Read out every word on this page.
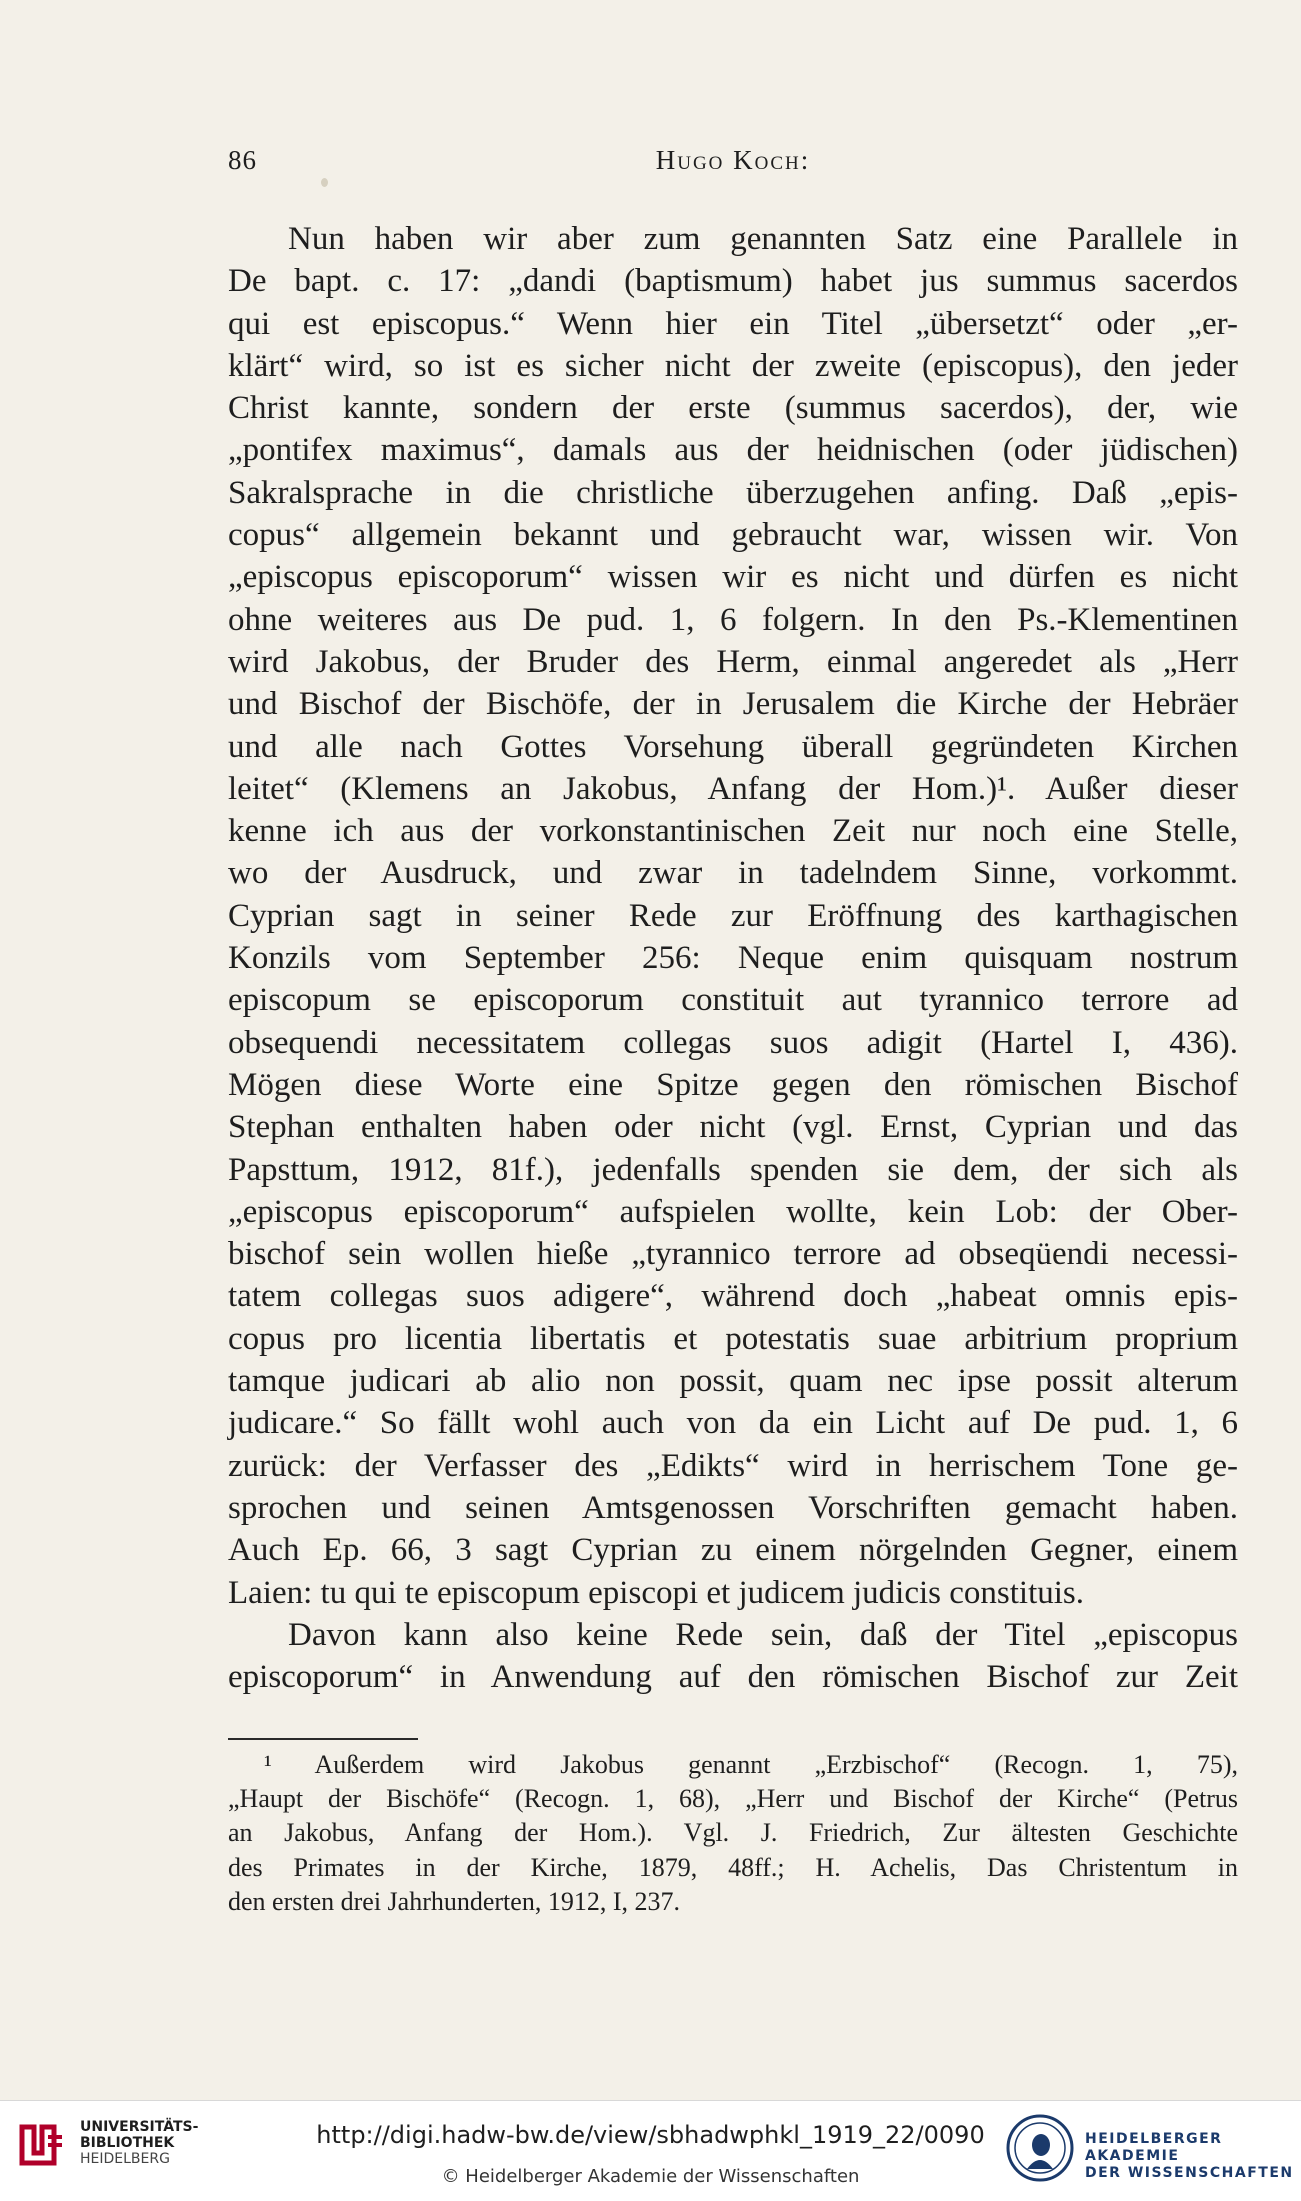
86	Hugo Koch:
Nun haben wir aber zum genannten Satz eine Parallele in
De bapt. c. 17: „dandi (baptismum) habet jus summus sacerdos
qui est episcopus.“ Wenn hier ein Titel „übersetzt“ oder „er-
klärt“ wird, so ist es sicher nicht der zweite (episcopus), den jeder
Christ kannte, sondern der erste (summus sacerdos), der, wie
„pontifex maximus“, damals aus der heidnischen (oder jüdischen)
Sakralsprache in die christliche überzugehen anfing. Daß „epis-
copus“ allgemein bekannt und gebraucht war, wissen wir. Von
„episcopus episcoporum“ wissen wir es nicht und dürfen es nicht
ohne weiteres aus De pud. 1, 6 folgern. In den Ps.-Klementinen
wird Jakobus, der Bruder des Herm, einmal angeredet als „Herr
und Bischof der Bischöfe, der in Jerusalem die Kirche der Hebräer
und alle nach Gottes Vorsehung überall gegründeten Kirchen
leitet“ (Klemens an Jakobus, Anfang der Hom.)¹. Außer dieser
kenne ich aus der vorkonstantinischen Zeit nur noch eine Stelle,
wo der Ausdruck, und zwar in tadelndem Sinne, vorkommt.
Cyprian sagt in seiner Rede zur Eröffnung des karthagischen
Konzils vom September 256: Neque enim quisquam nostrum
episcopum se episcoporum constituit aut tyrannico terrore ad
obsequendi necessitatem collegas suos adigit (Hartel I, 436).
Mögen diese Worte eine Spitze gegen den römischen Bischof
Stephan enthalten haben oder nicht (vgl. Ernst, Cyprian und das
Papsttum, 1912, 81f.), jedenfalls spenden sie dem, der sich als
„episcopus episcoporum“ aufspielen wollte, kein Lob: der Ober-
bischof sein wollen hieße „tyrannico terrore ad obseqüendi necessi-
tatem collegas suos adigere“, während doch „habeat omnis epis-
copus pro licentia libertatis et potestatis suae arbitrium proprium
tamque judicari ab alio non possit, quam nec ipse possit alterum
judicare.“ So fällt wohl auch von da ein Licht auf De pud. 1, 6
zurück: der Verfasser des „Edikts“ wird in herrischem Tone ge-
sprochen und seinen Amtsgenossen Vorschriften gemacht haben.
Auch Ep. 66, 3 sagt Cyprian zu einem nörgelnden Gegner, einem
Laien: tu qui te episcopum episcopi et judicem judicis constituis.
Davon kann also keine Rede sein, daß der Titel „episcopus
episcoporum“ in Anwendung auf den römischen Bischof zur Zeit
¹ Außerdem wird Jakobus genannt „Erzbischof“ (Recogn. 1, 75),
„Haupt der Bischöfe“ (Recogn. 1, 68), „Herr und Bischof der Kirche“ (Petrus
an Jakobus, Anfang der Hom.). Vgl. J. Friedrich, Zur ältesten Geschichte
des Primates in der Kirche, 1879, 48ff.; H. Achelis, Das Christentum in
den ersten drei Jahrhunderten, 1912, I, 237.
UNIVERSITÄTS-
BIBLIOTHEK
HEIDELBERG
http://digi.hadw-bw.de/view/sbhadwphkl_1919_22/0090
© Heidelberger Akademie der Wissenschaften
HEIDELBERGER AKADEMIE
DER WISSENSCHAFTEN
